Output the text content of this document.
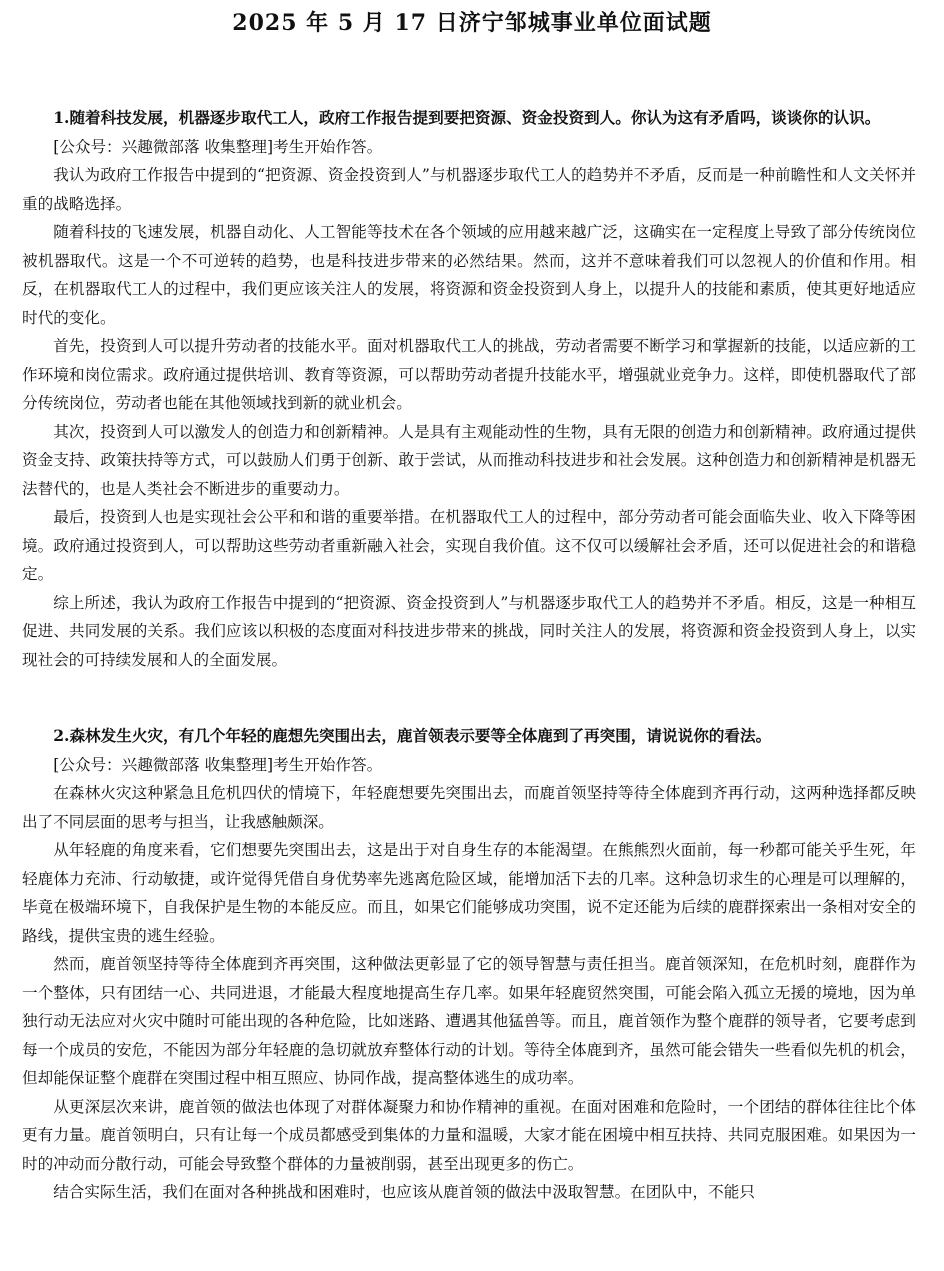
2025 年 5 月 17 日济宁邹城事业单位面试题

1.随着科技发展，机器逐步取代工人，政府工作报告提到要把资源、资金投资到人。你认为这有矛盾吗，谈谈你的认识。

[公众号：兴趣微部落 收集整理]考生开始作答。

我认为政府工作报告中提到的“把资源、资金投资到人”与机器逐步取代工人的趋势并不矛盾，反而是一种前瞻性和人文关怀并重的战略选择。

随着科技的飞速发展，机器自动化、人工智能等技术在各个领域的应用越来越广泛，这确实在一定程度上导致了部分传统岗位被机器取代。这是一个不可逆转的趋势，也是科技进步带来的必然结果。然而，这并不意味着我们可以忽视人的价值和作用。相反，在机器取代工人的过程中，我们更应该关注人的发展，将资源和资金投资到人身上，以提升人的技能和素质，使其更好地适应时代的变化。

首先，投资到人可以提升劳动者的技能水平。面对机器取代工人的挑战，劳动者需要不断学习和掌握新的技能，以适应新的工作环境和岗位需求。政府通过提供培训、教育等资源，可以帮助劳动者提升技能水平，增强就业竞争力。这样，即使机器取代了部分传统岗位，劳动者也能在其他领域找到新的就业机会。

其次，投资到人可以激发人的创造力和创新精神。人是具有主观能动性的生物，具有无限的创造力和创新精神。政府通过提供资金支持、政策扶持等方式，可以鼓励人们勇于创新、敢于尝试，从而推动科技进步和社会发展。这种创造力和创新精神是机器无法替代的，也是人类社会不断进步的重要动力。

最后，投资到人也是实现社会公平和和谐的重要举措。在机器取代工人的过程中，部分劳动者可能会面临失业、收入下降等困境。政府通过投资到人，可以帮助这些劳动者重新融入社会，实现自我价值。这不仅可以缓解社会矛盾，还可以促进社会的和谐稳定。

综上所述，我认为政府工作报告中提到的“把资源、资金投资到人”与机器逐步取代工人的趋势并不矛盾。相反，这是一种相互促进、共同发展的关系。我们应该以积极的态度面对科技进步带来的挑战，同时关注人的发展，将资源和资金投资到人身上，以实现社会的可持续发展和人的全面发展。

2.森林发生火灾，有几个年轻的鹿想先突围出去，鹿首领表示要等全体鹿到了再突围，请说说你的看法。

[公众号：兴趣微部落 收集整理]考生开始作答。

在森林火灾这种紧急且危机四伏的情境下，年轻鹿想要先突围出去，而鹿首领坚持等待全体鹿到齐再行动，这两种选择都反映出了不同层面的思考与担当，让我感触颇深。

从年轻鹿的角度来看，它们想要先突围出去，这是出于对自身生存的本能渴望。在熊熊烈火面前，每一秒都可能关乎生死，年轻鹿体力充沛、行动敏捷，或许觉得凭借自身优势率先逃离危险区域，能增加活下去的几率。这种急切求生的心理是可以理解的，毕竟在极端环境下，自我保护是生物的本能反应。而且，如果它们能够成功突围，说不定还能为后续的鹿群探索出一条相对安全的路线，提供宝贵的逃生经验。

然而，鹿首领坚持等待全体鹿到齐再突围，这种做法更彰显了它的领导智慧与责任担当。鹿首领深知，在危机时刻，鹿群作为一个整体，只有团结一心、共同进退，才能最大程度地提高生存几率。如果年轻鹿贸然突围，可能会陷入孤立无援的境地，因为单独行动无法应对火灾中随时可能出现的各种危险，比如迷路、遭遇其他猛兽等。而且，鹿首领作为整个鹿群的领导者，它要考虑到每一个成员的安危，不能因为部分年轻鹿的急切就放弃整体行动的计划。等待全体鹿到齐，虽然可能会错失一些看似先机的机会，但却能保证整个鹿群在突围过程中相互照应、协同作战，提高整体逃生的成功率。

从更深层次来讲，鹿首领的做法也体现了对群体凝聚力和协作精神的重视。在面对困难和危险时，一个团结的群体往往比个体更有力量。鹿首领明白，只有让每一个成员都感受到集体的力量和温暖，大家才能在困境中相互扶持、共同克服困难。如果因为一时的冲动而分散行动，可能会导致整个群体的力量被削弱，甚至出现更多的伤亡。

结合实际生活，我们在面对各种挑战和困难时，也应该从鹿首领的做法中汲取智慧。在团队中，不能只
